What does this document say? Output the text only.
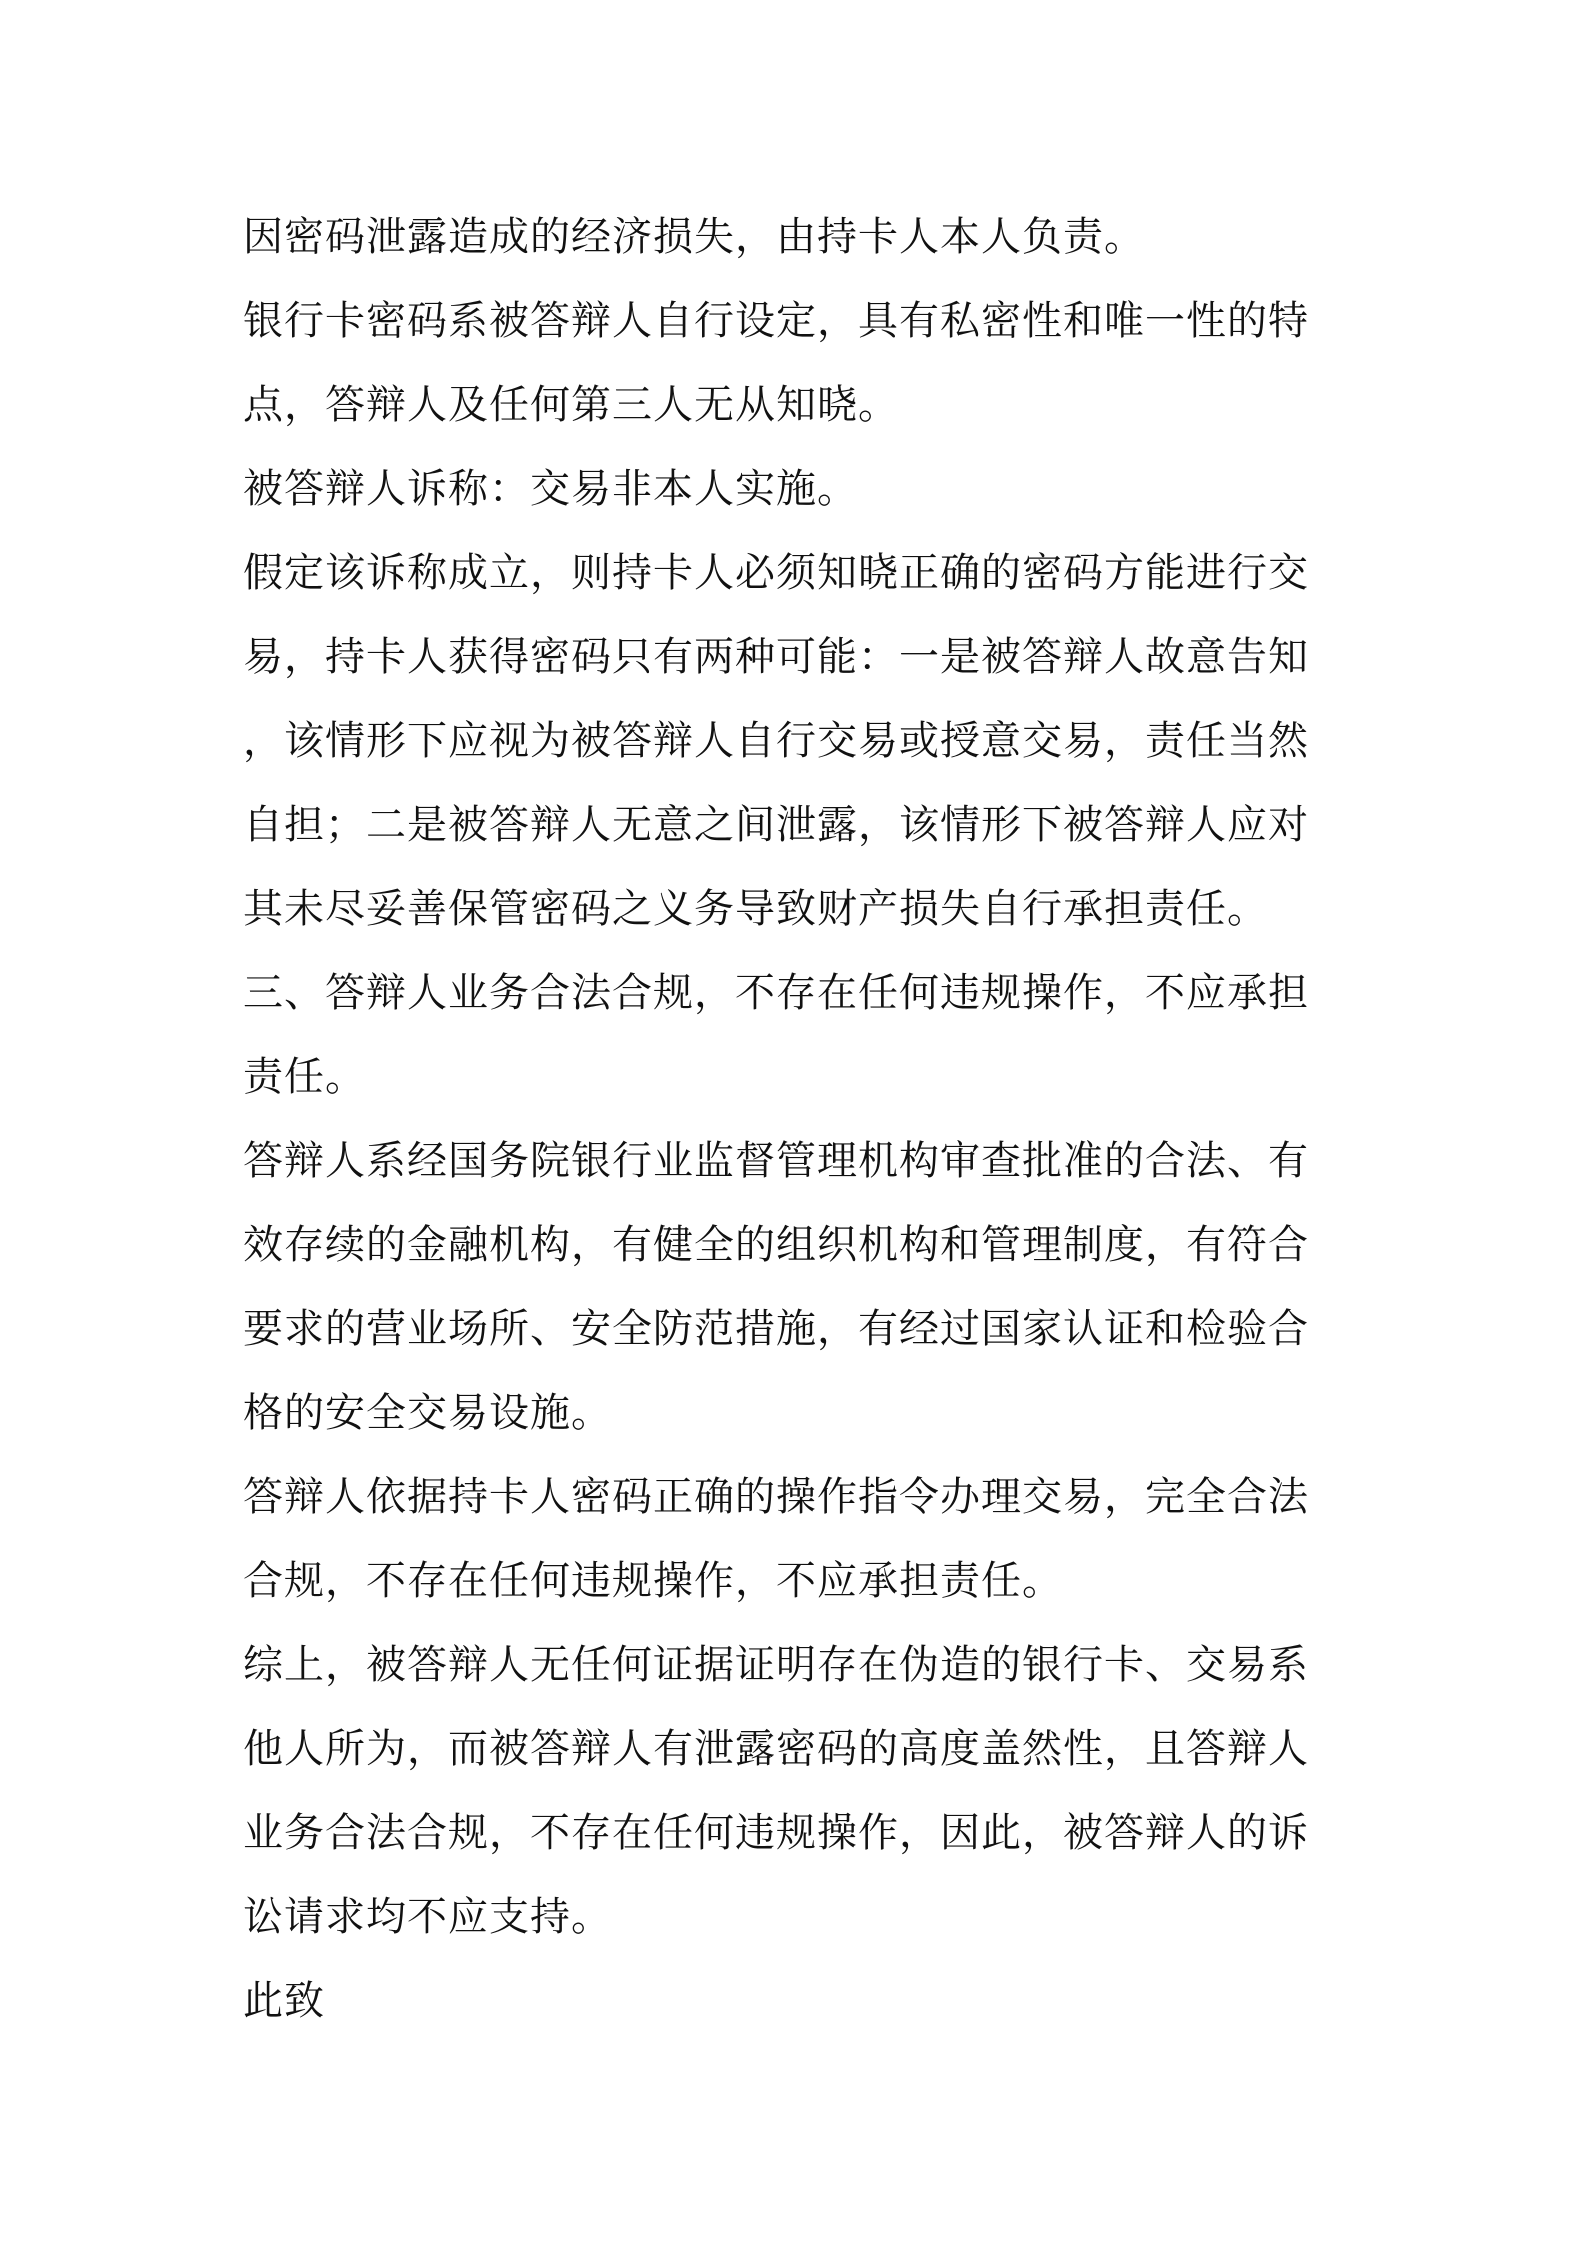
因密码泄露造成的经济损失，由持卡人本人负责。
银行卡密码系被答辩人自行设定，具有私密性和唯一性的特
点，答辩人及任何第三人无从知晓。
被答辩人诉称：交易非本人实施。
假定该诉称成立，则持卡人必须知晓正确的密码方能进行交
易，持卡人获得密码只有两种可能：一是被答辩人故意告知
，该情形下应视为被答辩人自行交易或授意交易，责任当然
自担；二是被答辩人无意之间泄露，该情形下被答辩人应对
其未尽妥善保管密码之义务导致财产损失自行承担责任。
三、答辩人业务合法合规，不存在任何违规操作，不应承担
责任。
答辩人系经国务院银行业监督管理机构审查批准的合法、有
效存续的金融机构，有健全的组织机构和管理制度，有符合
要求的营业场所、安全防范措施，有经过国家认证和检验合
格的安全交易设施。
答辩人依据持卡人密码正确的操作指令办理交易，完全合法
合规，不存在任何违规操作，不应承担责任。
综上，被答辩人无任何证据证明存在伪造的银行卡、交易系
他人所为，而被答辩人有泄露密码的高度盖然性，且答辩人
业务合法合规，不存在任何违规操作，因此，被答辩人的诉
讼请求均不应支持。
此致
